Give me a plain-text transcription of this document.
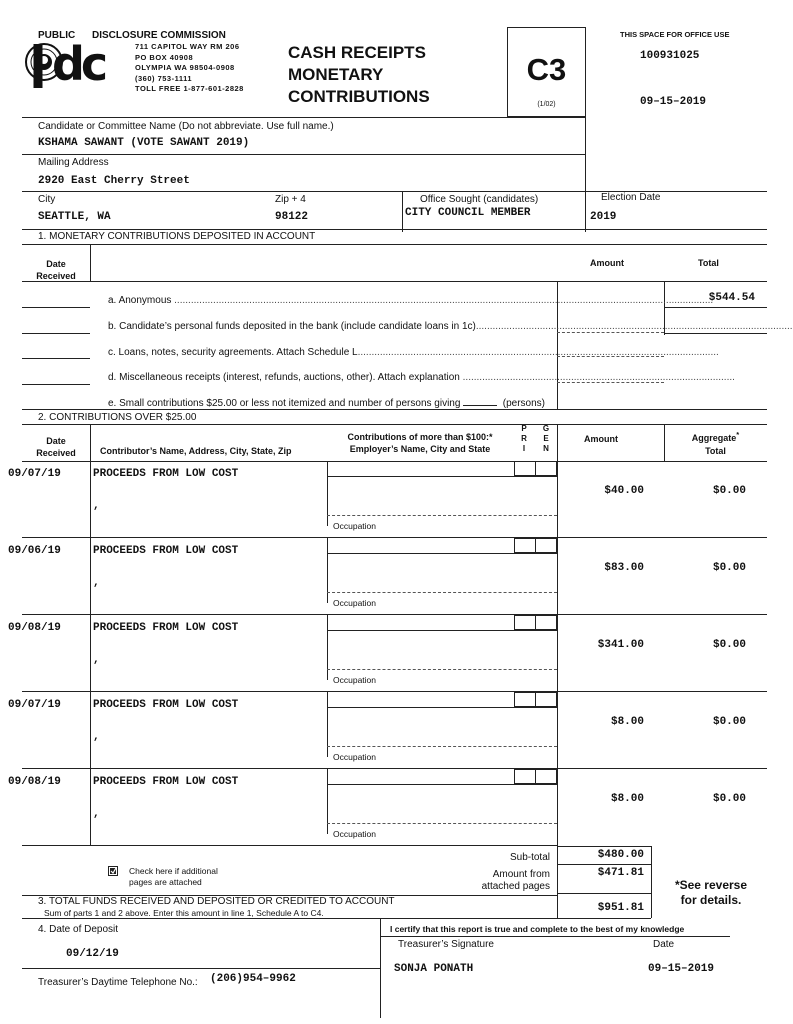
PUBLIC DISCLOSURE COMMISSION
dc	711 CAPITOL WAY RM 206
PO BOX 40908
OLYMPIA WA 98504-0908
(360) 753-1111
TOLL FREE 1-877-601-2828
CASH RECEIPTS
MONETARY
CONTRIBUTIONS
C3
(1/02)
THIS SPACE FOR OFFICE USE
100931025
09–15–2019
Candidate or Committee Name (Do not abbreviate. Use full name.)
KSHAMA SAWANT (VOTE SAWANT 2019)
Mailing Address
2920 East Cherry Street
City	Zip + 4	Office Sought (candidates)	Election Date
SEATTLE, WA	98122	CITY COUNCIL MEMBER	2019
1. MONETARY CONTRIBUTIONS DEPOSITED IN ACCOUNT
Date
Received
Amount	Total
a. Anonymous ..................................................................................................................................................................................................
$544.54
b. Candidate’s personal funds deposited in the bank (include candidate loans in 1c)..................................................................................................................
c. Loans, notes, security agreements. Attach Schedule L..................................................................................................................................
d. Miscellaneous receipts (interest, refunds, auctions, other). Attach explanation ..................................................................................................
e. Small contributions $25.00 or less not itemized and number of persons giving	(persons)
2. CONTRIBUTIONS OVER $25.00
Date
Received	Contributor’s Name, Address, City, State, Zip
Contributions of more than $100:*
Employer’s Name, City and State
P
R
I
G
E
N
Amount	Aggregate*
Total
09/07/19	PROCEEDS FROM LOW COST
,
$40.00	$0.00
Occupation
09/06/19	PROCEEDS FROM LOW COST
,
$83.00	$0.00
Occupation
09/08/19	PROCEEDS FROM LOW COST
,
$341.00	$0.00
Occupation
09/07/19	PROCEEDS FROM LOW COST
,
$8.00	$0.00
Occupation
09/08/19	PROCEEDS FROM LOW COST
,
$8.00	$0.00
Occupation
Sub-total	$480.00
Amount from
attached pages
$471.81
Check here if additional
pages are attached	*See reverse
for details.
3. TOTAL FUNDS RECEIVED AND DEPOSITED OR CREDITED TO ACCOUNT
Sum of parts 1 and 2 above. Enter this amount in line 1, Schedule A to C4.	$951.81
4. Date of Deposit	I certify that this report is true and complete to the best of my knowledge
Treasurer’s Signature	Date
09/12/19
SONJA PONATH	09–15–2019
Treasurer’s Daytime Telephone No.: (206)954–9962
